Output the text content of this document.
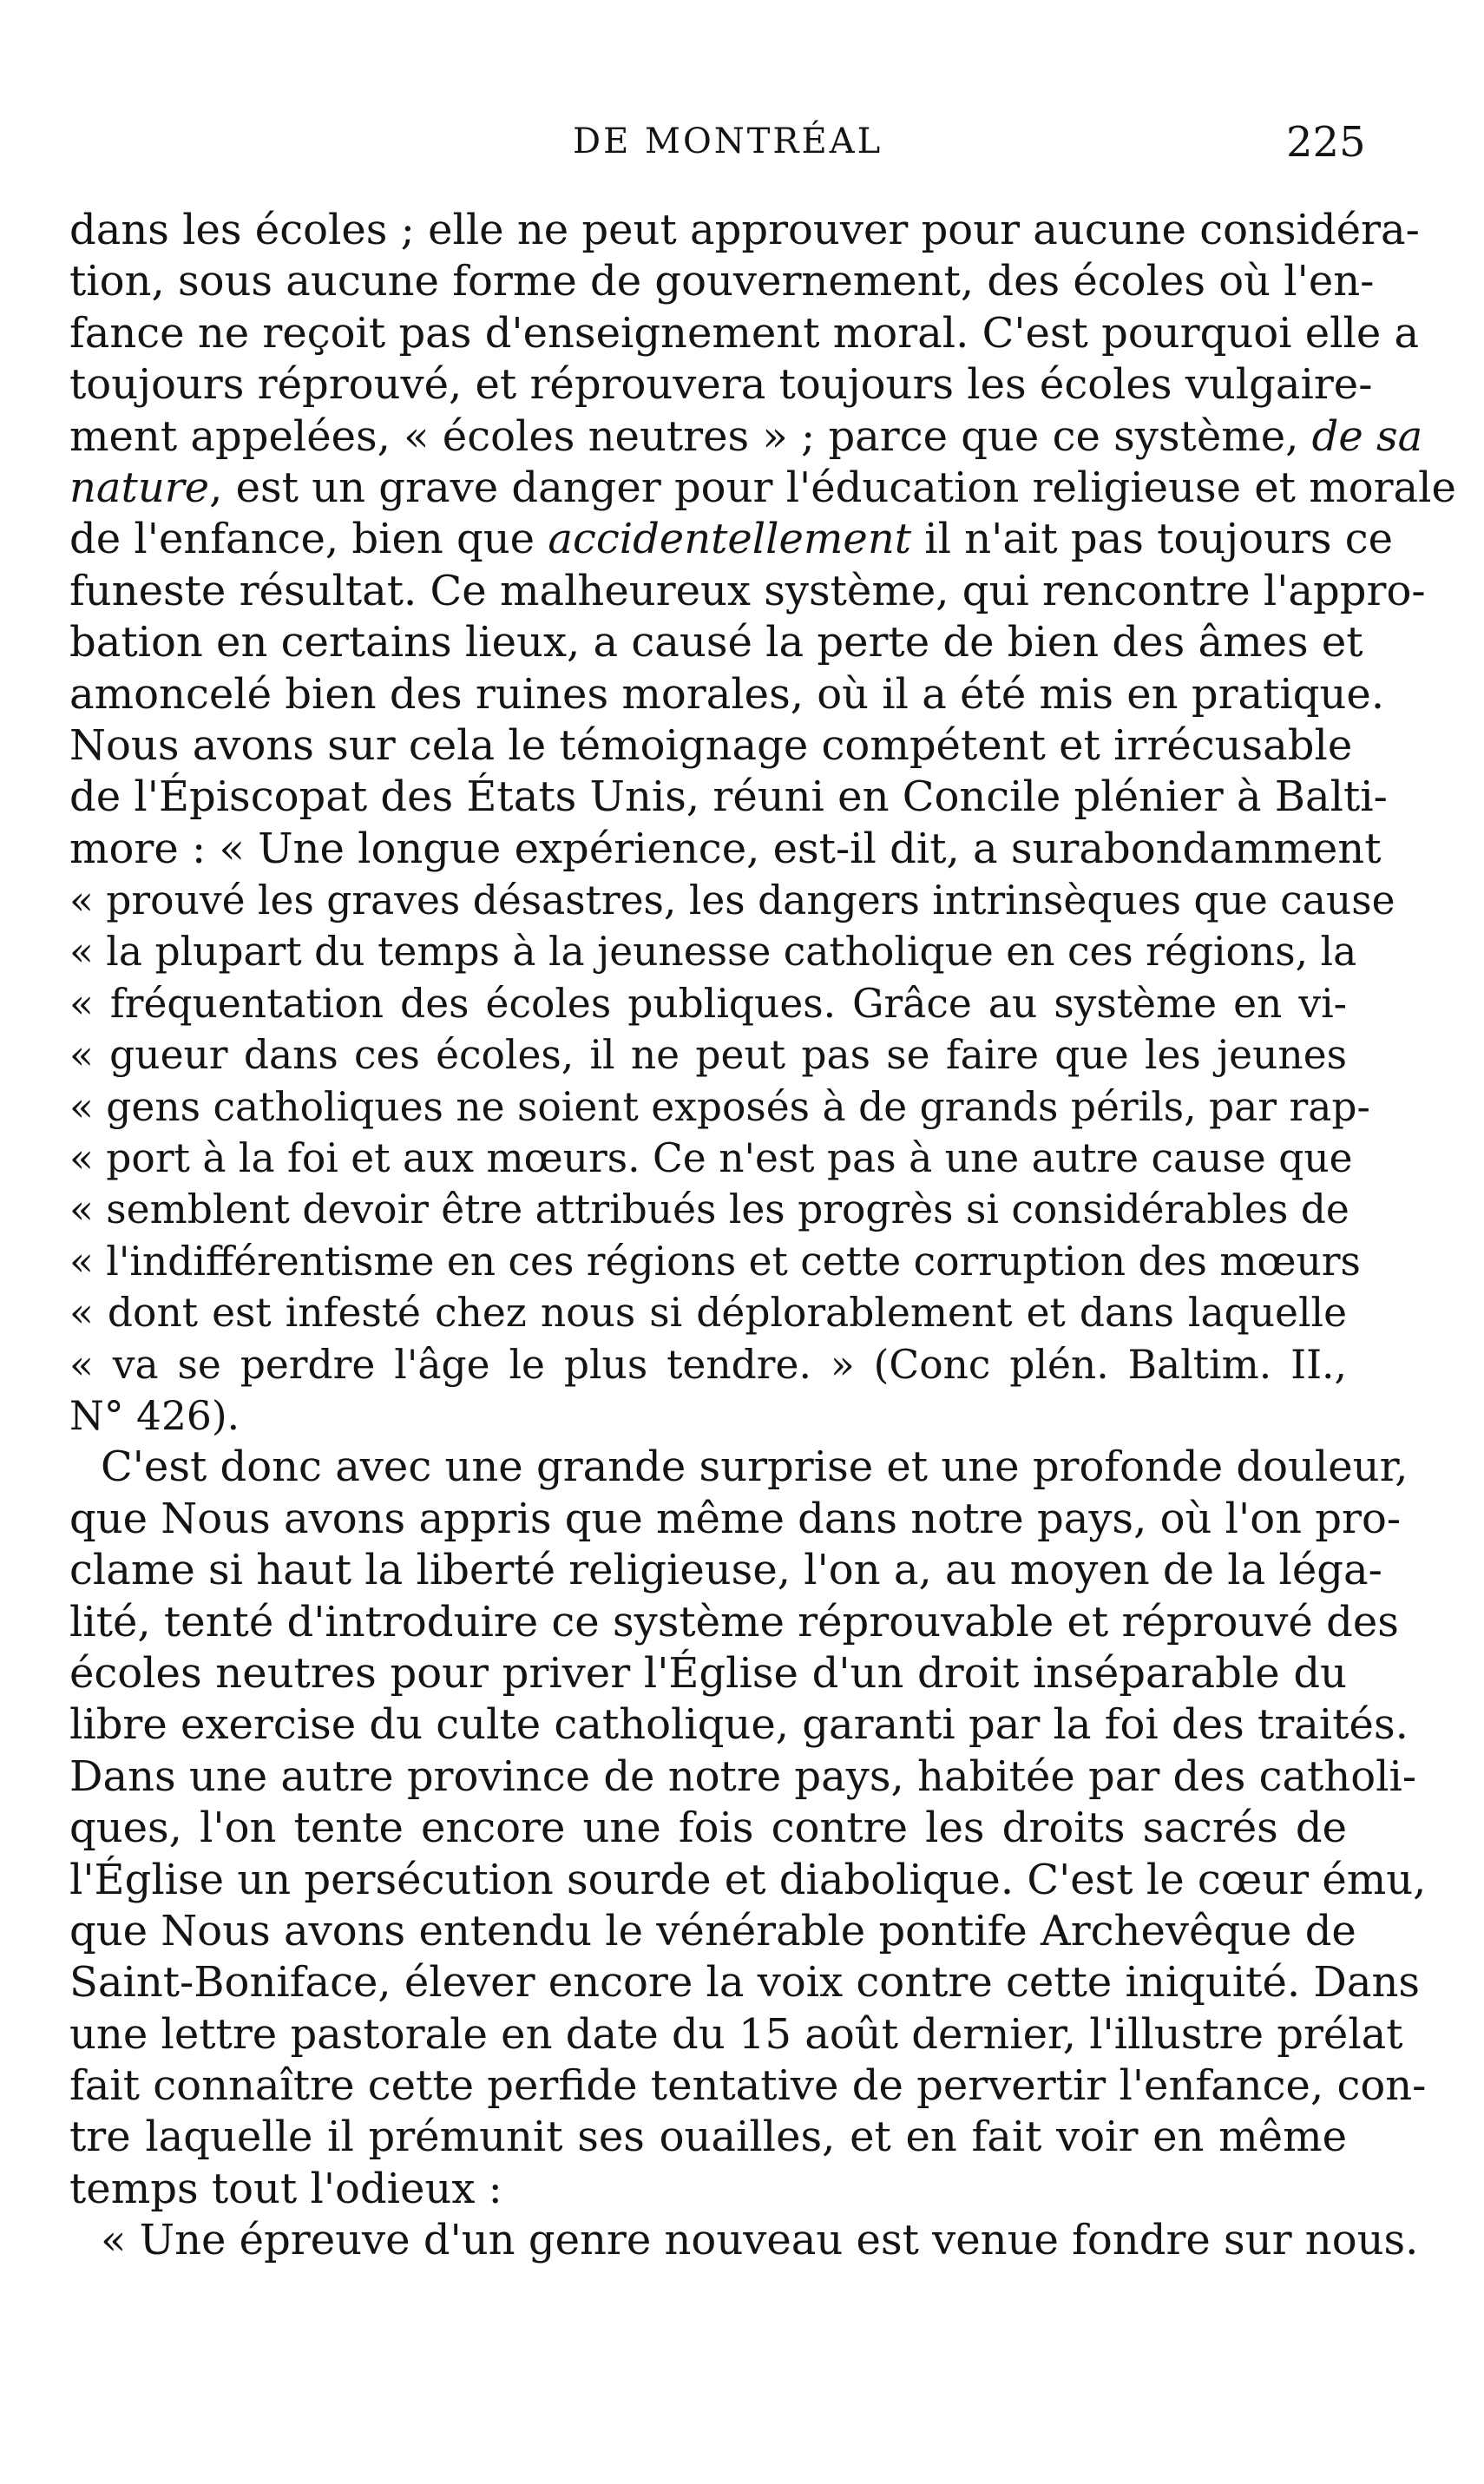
DE MONTRÉAL	225
dans les écoles ; elle ne peut approuver pour aucune considéra-
tion, sous aucune forme de gouvernement, des écoles où l'en-
fance ne reçoit pas d'enseignement moral. C'est pourquoi elle a
toujours réprouvé, et réprouvera toujours les écoles vulgaire-
ment appelées, « écoles neutres » ; parce que ce système, de sa
nature, est un grave danger pour l'éducation religieuse et morale
de l'enfance, bien que accidentellement il n'ait pas toujours ce
funeste résultat. Ce malheureux système, qui rencontre l'appro-
bation en certains lieux, a causé la perte de bien des âmes et
amoncelé bien des ruines morales, où il a été mis en pratique.
Nous avons sur cela le témoignage compétent et irrécusable
de l'Épiscopat des États Unis, réuni en Concile plénier à Balti-
more : « Une longue expérience, est-il dit, a surabondamment
« prouvé les graves désastres, les dangers intrinsèques que cause
« la plupart du temps à la jeunesse catholique en ces régions, la
« fréquentation des écoles publiques. Grâce au système en vi-
« gueur dans ces écoles, il ne peut pas se faire que les jeunes
« gens catholiques ne soient exposés à de grands périls, par rap-
« port à la foi et aux mœurs. Ce n'est pas à une autre cause que
« semblent devoir être attribués les progrès si considérables de
« l'indifférentisme en ces régions et cette corruption des mœurs
« dont est infesté chez nous si déplorablement et dans laquelle
« va se perdre l'âge le plus tendre. » (Conc plén. Baltim. II.,
N° 426).
C'est donc avec une grande surprise et une profonde douleur,
que Nous avons appris que même dans notre pays, où l'on pro-
clame si haut la liberté religieuse, l'on a, au moyen de la léga-
lité, tenté d'introduire ce système réprouvable et réprouvé des
écoles neutres pour priver l'Église d'un droit inséparable du
libre exercise du culte catholique, garanti par la foi des traités.
Dans une autre province de notre pays, habitée par des catholi-
ques, l'on tente encore une fois contre les droits sacrés de
l'Église un persécution sourde et diabolique. C'est le cœur ému,
que Nous avons entendu le vénérable pontife Archevêque de
Saint-Boniface, élever encore la voix contre cette iniquité. Dans
une lettre pastorale en date du 15 août dernier, l'illustre prélat
fait connaître cette perfide tentative de pervertir l'enfance, con-
tre laquelle il prémunit ses ouailles, et en fait voir en même
temps tout l'odieux :
« Une épreuve d'un genre nouveau est venue fondre sur nous.
